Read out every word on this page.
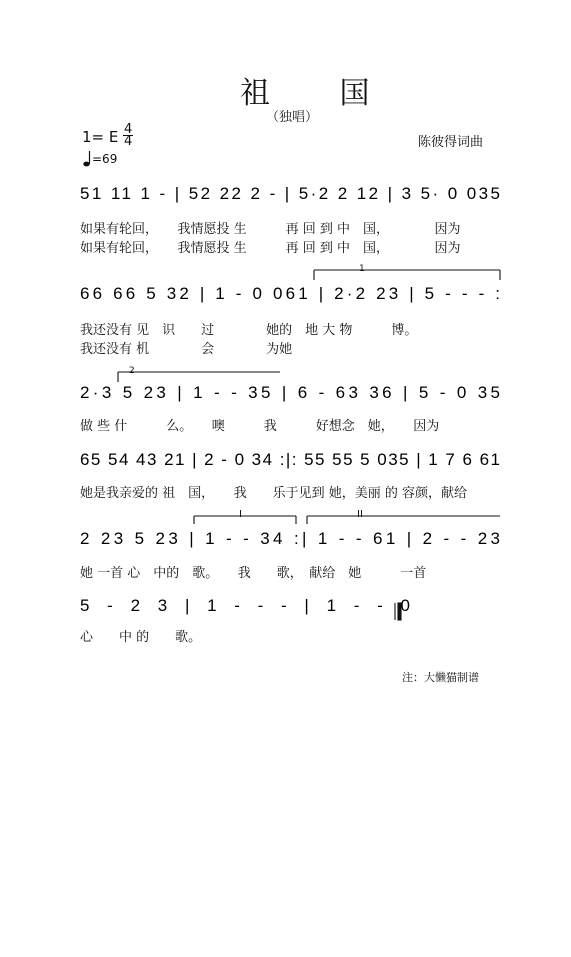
祖 国
（独唱）
1= E 4
4
=69
陈彼得词曲
51 11 1 - | 52 22 2 - | 5·2 2 12 | 3 5· 0 035
66 66 5 32 | 1 - 0 061 | 2·2 23 | 5 - - - :
2·3 5 23 | 1 - - 35 | 6 - 63 36 | 5 - 0 35
65 54 43 21 | 2 - 0 34 :|: 55 55 5 035 | 1 7 6 61
2 23 5 23 | 1 - - 34 :| 1 - - 61 | 2 - - 23
5 - 2 3 | 1 - - - | 1 - - 0
如果有轮回，　　我情愿投 生　　　再 回 到 中　国，　　　　因为
如果有轮回，　　我情愿投 生　　　再 回 到 中　国，　　　　因为
我还没有 见　识　　过　　　　她的　地 大 物　　　博。
我还没有 机　　　　会　　　　为她
1
2
做 些 什　　　么。　　噢　　　我　　　好想念　她，　　因为
她是我亲爱的 祖　国，　　我　　乐于见到 她，美丽 的 容颜，献给
I	II
她 一首 心　中的　歌。　　我　　歌，　献给　她　　　一首
心　　中 的　　歌。
注：大懒猫制谱
